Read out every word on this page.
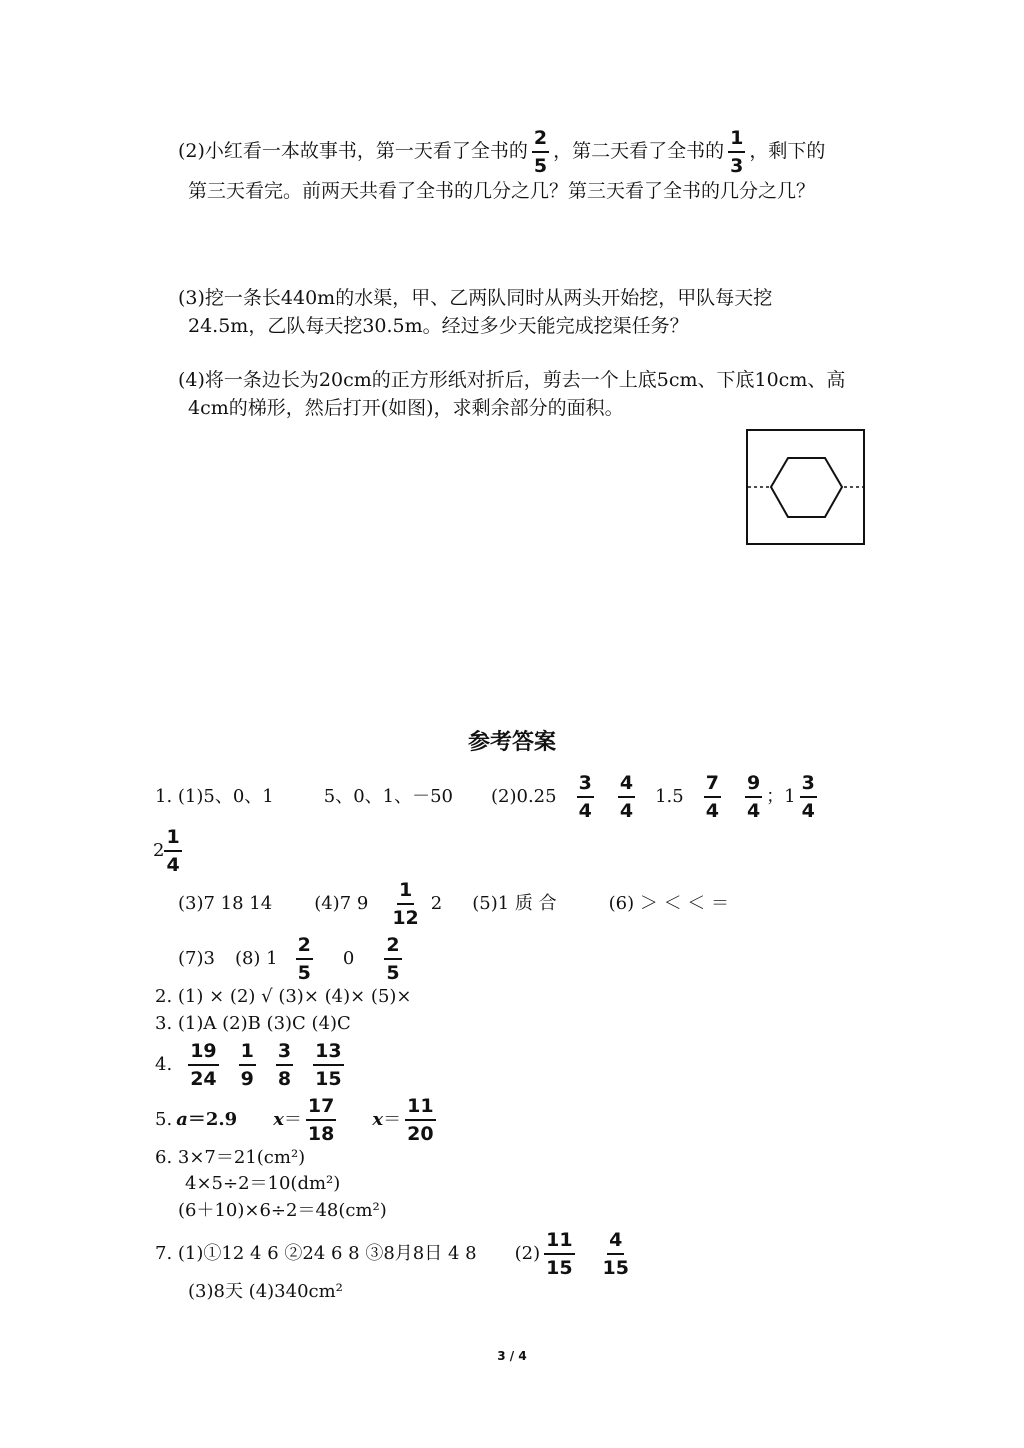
(2)小红看一本故事书，第一天看了全书的 $\frac{2}{5}$ ，第二天看了全书的 $\frac{1}{3}$ ，剩下的
第三天看完。前两天共看了全书的几分之几？第三天看了全书的几分之几？
(3)挖一条长440m的水渠，甲、乙两队同时从两头开始挖，甲队每天挖
24.5m，乙队每天挖30.5m。经过多少天能完成挖渠任务？
(4)将一条边长为20cm的正方形纸对折后，剪去一个上底5cm、下底10cm、高
4cm的梯形，然后打开(如图)，求剩余部分的面积。
参考答案
1. (1)5、0、1	5、0、1、－50 $(2)0.25 \frac{3}{4} \frac{4}{4} 1.5 \frac{7}{4} \frac{9}{4}$ ；$1 \frac{3}{4}$
$2 \frac{1}{4}$
(3)7 18 14 (4)7 $9 \frac{1}{12} 2$ (5)1 质 合	(6) ＞ ＜ ＜ ＝
(7)3 (8) $1 \frac{2}{5} 0 \frac{2}{5}$
2. (1) × (2) √ (3)× (4)× (5)×
3. (1)A (2)B (3)C (4)C
4. $\frac{19}{24} \frac{1}{9} \frac{3}{8} \frac{13}{15}$
5. a＝2.9 $x= \frac{17}{18} x= \frac{11}{20}$
6. 3×7＝21(cm²)
4×5÷2＝10(dm²)
(6＋10)×6÷2＝48(cm²)
7. (1)①12 4 6 ②24 6 8 ③8月8日 4 8 $(2) \frac{11}{15} \frac{4}{15}$
(3)8天 (4)340cm²
3 / 4
